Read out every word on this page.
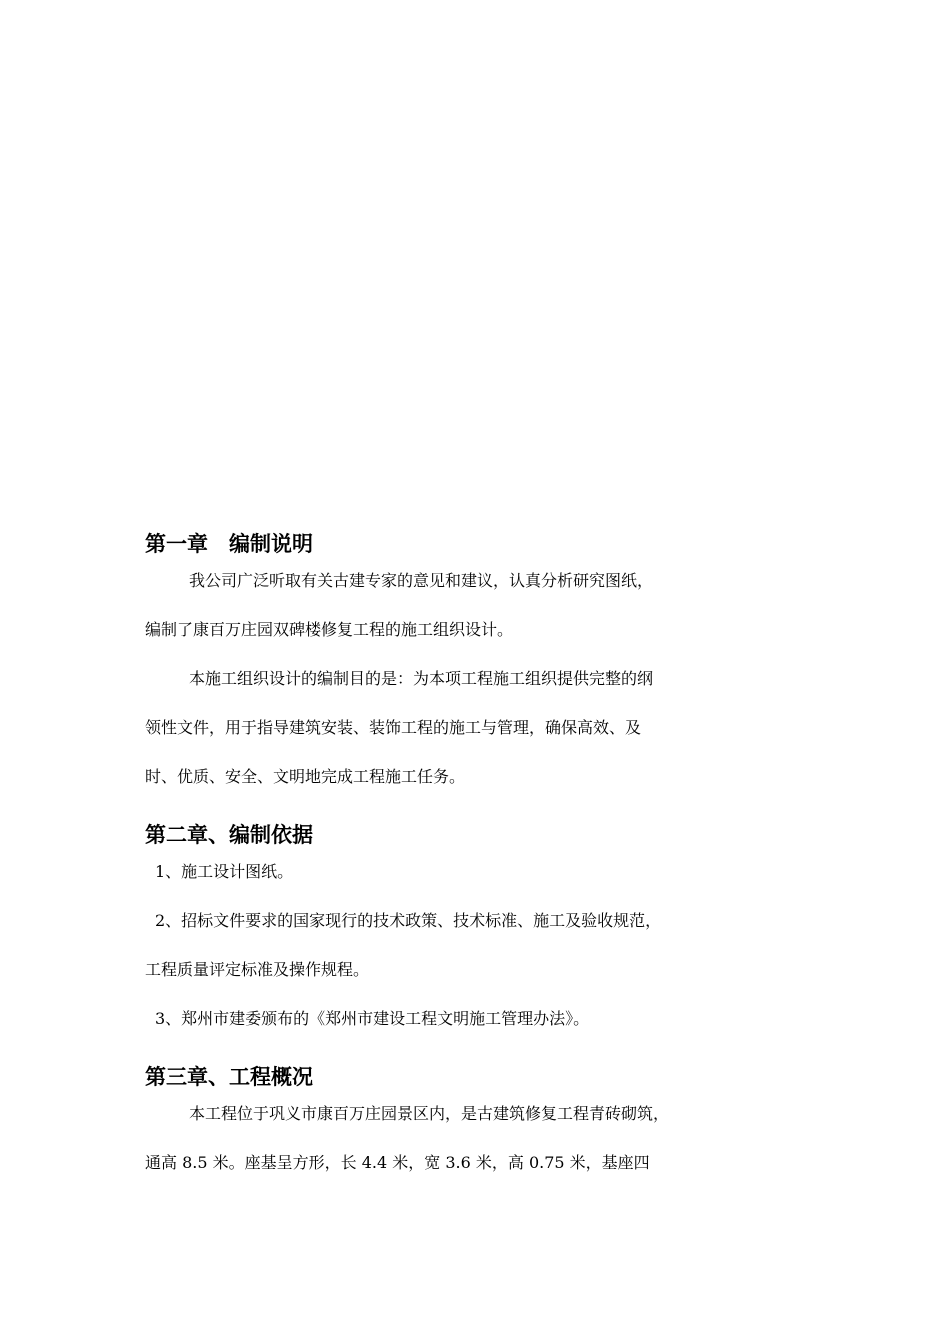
第一章　编制说明
我公司广泛听取有关古建专家的意见和建议，认真分析研究图纸，
编制了康百万庄园双碑楼修复工程的施工组织设计。
本施工组织设计的编制目的是：为本项工程施工组织提供完整的纲
领性文件，用于指导建筑安装、装饰工程的施工与管理，确保高效、及
时、优质、安全、文明地完成工程施工任务。
第二章、编制依据
1、施工设计图纸。
2、招标文件要求的国家现行的技术政策、技术标准、施工及验收规范，
工程质量评定标准及操作规程。
3、郑州市建委颁布的《郑州市建设工程文明施工管理办法》。
第三章、工程概况
本工程位于巩义市康百万庄园景区内，是古建筑修复工程青砖砌筑，
通高 8.5 米。座基呈方形，长 4.4 米，宽 3.6 米，高 0.75 米，基座四
